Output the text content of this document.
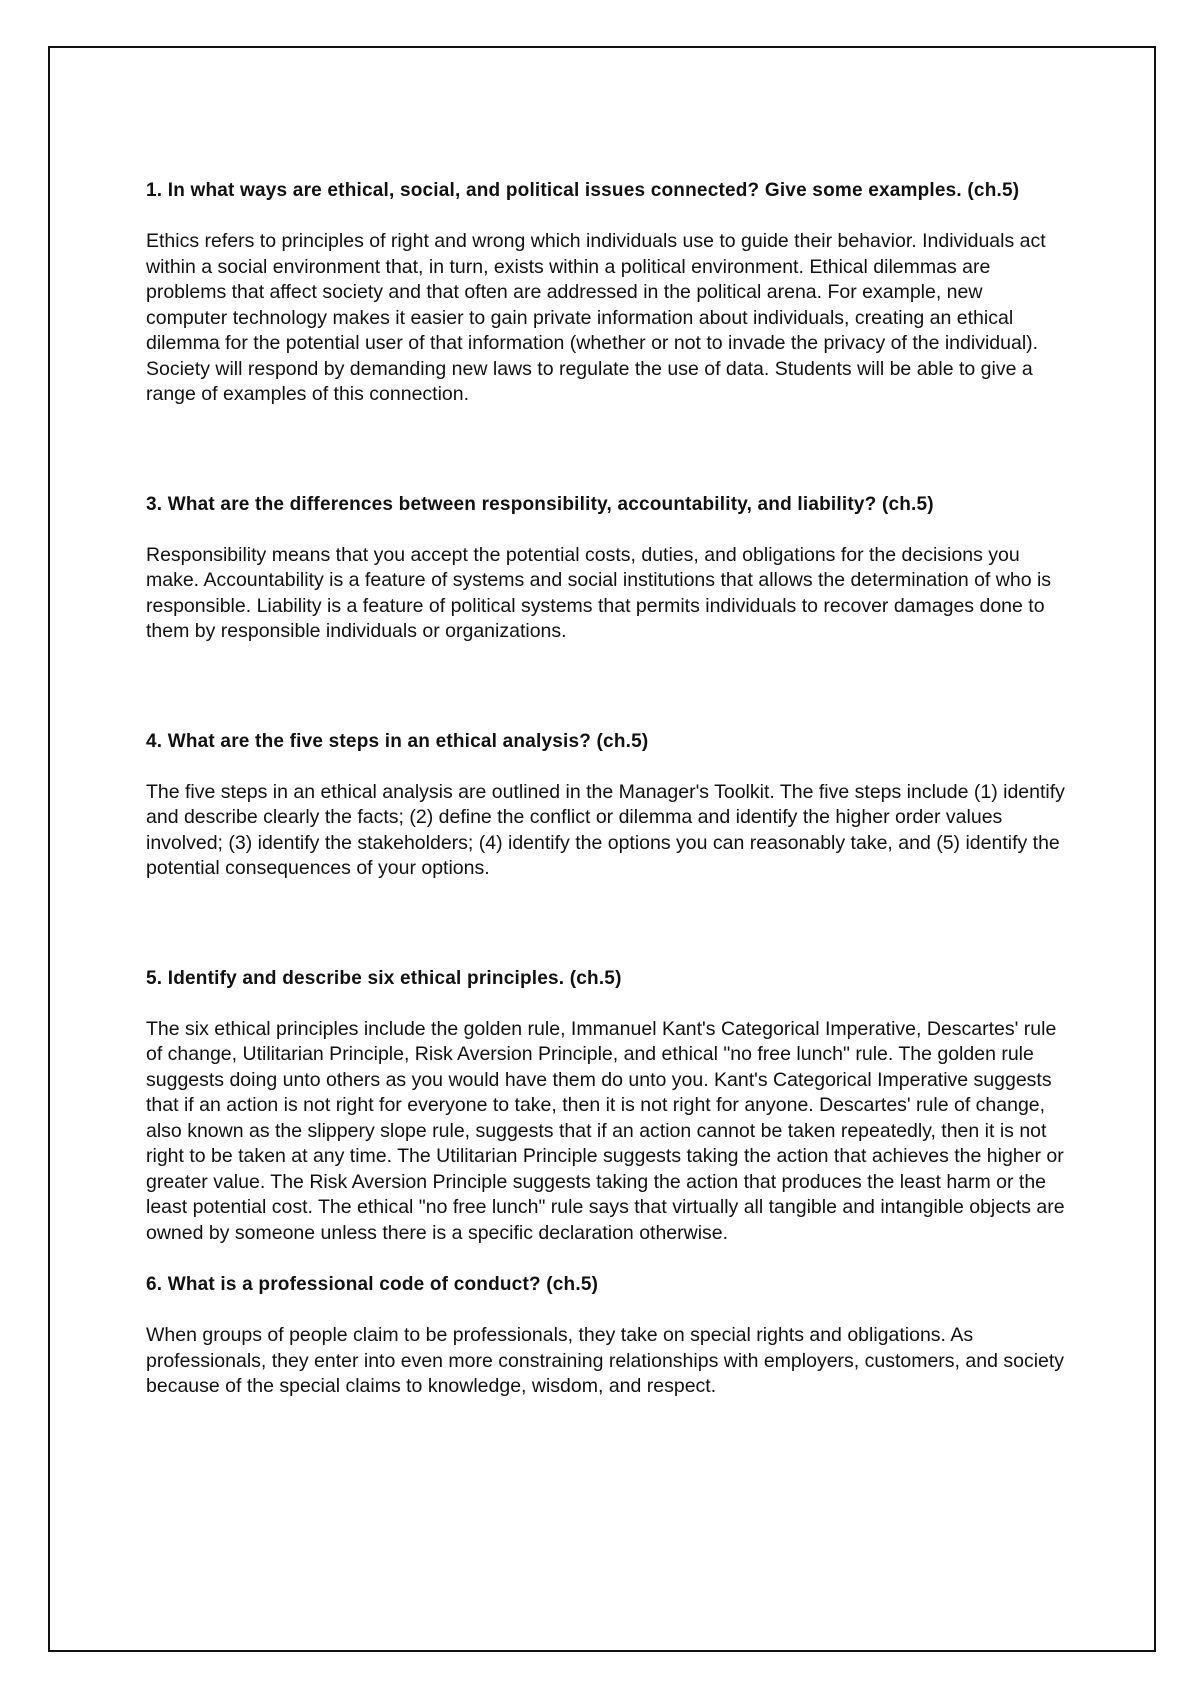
1. In what ways are ethical, social, and political issues connected? Give some examples. (ch.5)

Ethics refers to principles of right and wrong which individuals use to guide their behavior. Individuals act within a social environment that, in turn, exists within a political environment. Ethical dilemmas are problems that affect society and that often are addressed in the political arena. For example, new computer technology makes it easier to gain private information about individuals, creating an ethical dilemma for the potential user of that information (whether or not to invade the privacy of the individual). Society will respond by demanding new laws to regulate the use of data. Students will be able to give a range of examples of this connection.

3. What are the differences between responsibility, accountability, and liability? (ch.5)

Responsibility means that you accept the potential costs, duties, and obligations for the decisions you make. Accountability is a feature of systems and social institutions that allows the determination of who is responsible. Liability is a feature of political systems that permits individuals to recover damages done to them by responsible individuals or organizations.

4. What are the five steps in an ethical analysis? (ch.5)

The five steps in an ethical analysis are outlined in the Manager's Toolkit. The five steps include (1) identify and describe clearly the facts; (2) define the conflict or dilemma and identify the higher order values involved; (3) identify the stakeholders; (4) identify the options you can reasonably take, and (5) identify the potential consequences of your options.

5. Identify and describe six ethical principles. (ch.5)

The six ethical principles include the golden rule, Immanuel Kant's Categorical Imperative, Descartes' rule of change, Utilitarian Principle, Risk Aversion Principle, and ethical "no free lunch" rule. The golden rule suggests doing unto others as you would have them do unto you. Kant's Categorical Imperative suggests that if an action is not right for everyone to take, then it is not right for anyone. Descartes' rule of change, also known as the slippery slope rule, suggests that if an action cannot be taken repeatedly, then it is not right to be taken at any time. The Utilitarian Principle suggests taking the action that achieves the higher or greater value. The Risk Aversion Principle suggests taking the action that produces the least harm or the least potential cost. The ethical "no free lunch" rule says that virtually all tangible and intangible objects are owned by someone unless there is a specific declaration otherwise.

6. What is a professional code of conduct? (ch.5)

When groups of people claim to be professionals, they take on special rights and obligations. As professionals, they enter into even more constraining relationships with employers, customers, and society because of the special claims to knowledge, wisdom, and respect.
